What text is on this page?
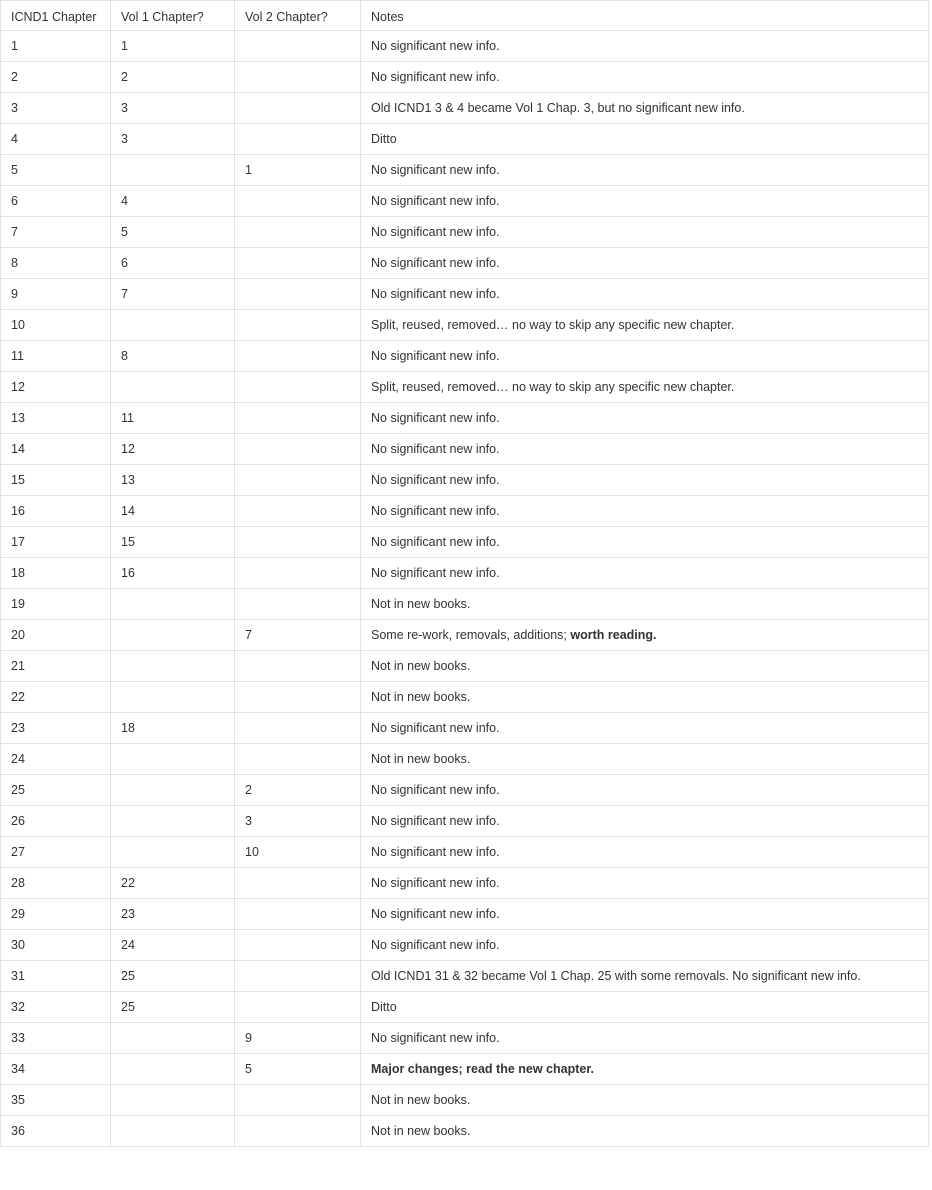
ICND1 Chapter	Vol 1 Chapter?	Vol 2 Chapter?	Notes
1	1		No significant new info.
2	2		No significant new info.
3	3		Old ICND1 3 & 4 became Vol 1 Chap. 3, but no significant new info.
4	3		Ditto
5		1	No significant new info.
6	4		No significant new info.
7	5		No significant new info.
8	6		No significant new info.
9	7		No significant new info.
10			Split, reused, removed… no way to skip any specific new chapter.
11	8		No significant new info.
12			Split, reused, removed… no way to skip any specific new chapter.
13	11		No significant new info.
14	12		No significant new info.
15	13		No significant new info.
16	14		No significant new info.
17	15		No significant new info.
18	16		No significant new info.
19			Not in new books.
20		7	Some re-work, removals, additions; worth reading.
21			Not in new books.
22			Not in new books.
23	18		No significant new info.
24			Not in new books.
25		2	No significant new info.
26		3	No significant new info.
27		10	No significant new info.
28	22		No significant new info.
29	23		No significant new info.
30	24		No significant new info.
31	25		Old ICND1 31 & 32 became Vol 1 Chap. 25 with some removals. No significant new info.
32	25		Ditto
33		9	No significant new info.
34		5	Major changes; read the new chapter.
35			Not in new books.
36			Not in new books.
